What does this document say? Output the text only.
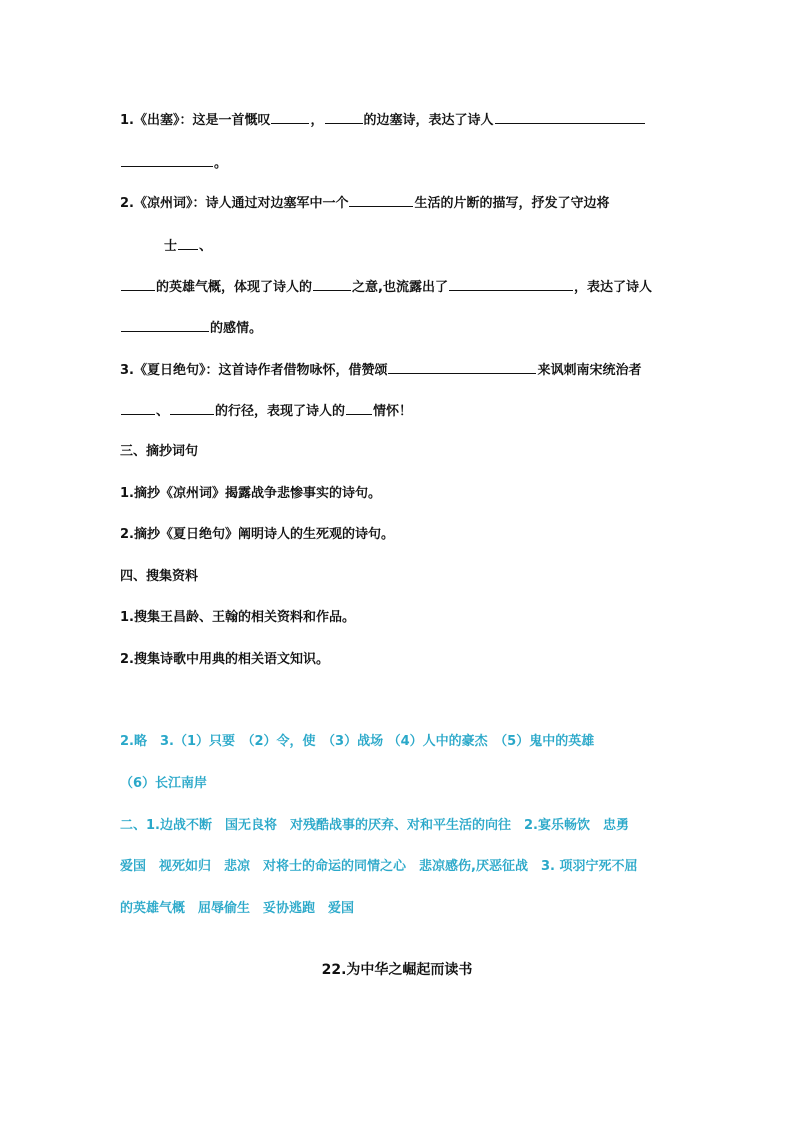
1.《出塞》：这是一首慨叹	，	的边塞诗，表达了诗人
。
2.《凉州词》：诗人通过对边塞军中一个	生活的片断的描写，抒发了守边将
士 、
的英雄气概，体现了诗人的	之意,也流露出了	，表达了诗人
的感情。
3.《夏日绝句》：这首诗作者借物咏怀，借赞颂	来讽刺南宋统治者
、	的行径，表现了诗人的 情怀！
三、摘抄词句
1.摘抄《凉州词》揭露战争悲惨事实的诗句。
2.摘抄《夏日绝句》阐明诗人的生死观的诗句。
四、搜集资料
1.搜集王昌龄、王翰的相关资料和作品。
2.搜集诗歌中用典的相关语文知识。
2.略　3.（1）只要　（2）令，使　（3）战场 （4）人中的豪杰　（5）鬼中的英雄
（6）长江南岸
二、1.边战不断　国无良将　对残酷战事的厌弃、对和平生活的向往　2.宴乐畅饮　忠勇
爱国　视死如归　悲凉　对将士的命运的同情之心　悲凉感伤,厌恶征战　3. 项羽宁死不屈
的英雄气概　屈辱偷生　妥协逃跑　爱国
22.为中华之崛起而读书
